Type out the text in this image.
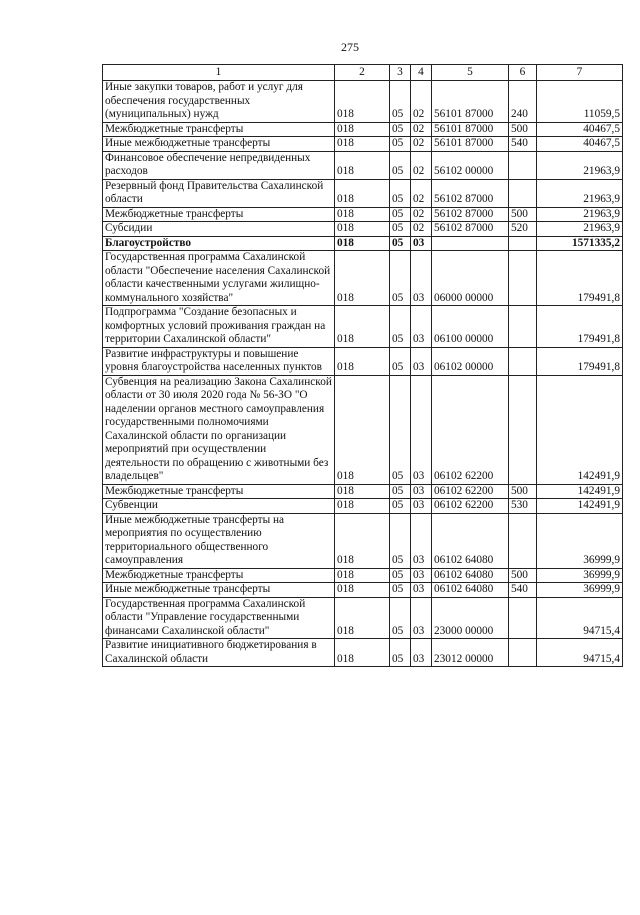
275
1	2	3	4	5	6	7
Иные закупки товаров, работ и услуг для обеспечения государственных (муниципальных) нужд	018	05	02	56101 87000	240	11059,5
Межбюджетные трансферты	018	05	02	56101 87000	500	40467,5
Иные межбюджетные трансферты	018	05	02	56101 87000	540	40467,5
Финансовое обеспечение непредвиденных расходов	018	05	02	56102 00000		21963,9
Резервный фонд Правительства Сахалинской области	018	05	02	56102 87000		21963,9
Межбюджетные трансферты	018	05	02	56102 87000	500	21963,9
Субсидии	018	05	02	56102 87000	520	21963,9
Благоустройство	018	05	03			1571335,2
Государственная программа Сахалинской области "Обеспечение населения Сахалинской области качественными услугами жилищно-коммунального хозяйства"	018	05	03	06000 00000		179491,8
Подпрограмма "Создание безопасных и комфортных условий проживания граждан на территории Сахалинской области"	018	05	03	06100 00000		179491,8
Развитие инфраструктуры и повышение уровня благоустройства населенных пунктов	018	05	03	06102 00000		179491,8
Субвенция на реализацию Закона Сахалинской области от 30 июля 2020 года № 56-ЗО "О наделении органов местного самоуправления государственными полномочиями Сахалинской области по организации мероприятий при осуществлении деятельности по обращению с животными без владельцев"	018	05	03	06102 62200		142491,9
Межбюджетные трансферты	018	05	03	06102 62200	500	142491,9
Субвенции	018	05	03	06102 62200	530	142491,9
Иные межбюджетные трансферты на мероприятия по осуществлению территориального общественного самоуправления	018	05	03	06102 64080		36999,9
Межбюджетные трансферты	018	05	03	06102 64080	500	36999,9
Иные межбюджетные трансферты	018	05	03	06102 64080	540	36999,9
Государственная программа Сахалинской области "Управление государственными финансами Сахалинской области"	018	05	03	23000 00000		94715,4
Развитие инициативного бюджетирования в Сахалинской области	018	05	03	23012 00000		94715,4
